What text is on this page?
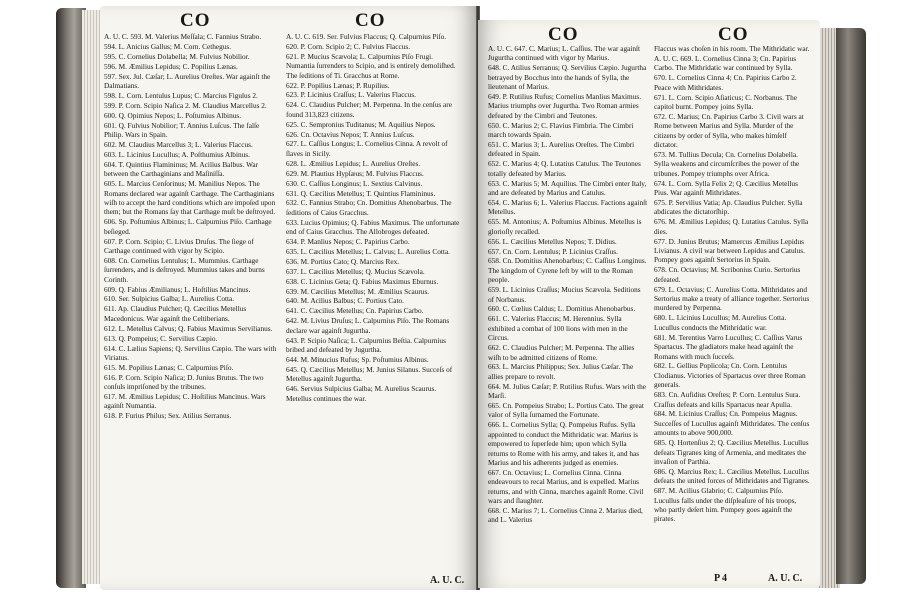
CO	CO

A. U. C. 593. M. Valerius Meſſala; C. Fannius Strabo.

594. L. Anicius Gallus; M. Corn. Cethegus.

595. C. Cornelius Dolabella; M. Fulvius Nobilior.

596. M. Æmilius Lepidus; C. Popilius Lænas.

597. Sex. Jul. Cæſar; L. Aurelius Oreſtes. War againſt the Dalmatians.

598. L. Corn. Lentulus Lupus; C. Marcius Figulus 2.

599. P. Corn. Scipio Naſica 2. M. Claudius Marcellus 2.

600. Q. Opimius Nepos; L. Poſtumius Albinus.

601. Q. Fulvius Nobilior; T. Annius Luſcus. The falſe Philip. Wars in Spain.

602. M. Claudius Marcellus 3; L. Valerius Flaccus.

603. L. Licinius Lucullus; A. Poſthumius Albinus.

604. T. Quintius Flamininus; M. Acilius Balbus. War between the Carthaginians and Maſiniſſa.

605. L. Marcius Cenſorinus; M. Manilius Nepos. The Romans declared war againſt Carthage. The Carthaginians wiſh to accept the hard conditions which are impoſed upon them; but the Romans ſay that Carthage muſt be deſtroyed.

606. Sp. Poſtumius Albinus; L. Calpurnius Piſo. Carthage beſieged.

607. P. Corn. Scipio; C. Livius Druſus. The ſiege of Carthage continued with vigor by Scipio.

608. Cn. Cornelius Lentulus; L. Mummius. Carthage ſurrenders, and is deſtroyed. Mummius takes and burns Corinth.

609. Q. Fabius Æmilianus; L. Hoſtilius Mancinus.

610. Ser. Sulpicius Galba; L. Aurelius Cotta.

611. Ap. Claudius Pulcher; Q. Cæcilius Metellus Macedonicus. War againſt the Celtiberians.

612. L. Metellus Calvus; Q. Fabius Maximus Servilianus.

613. Q. Pompeius; C. Servilius Cæpio.

614. C. Lælius Sapiens; Q. Servilius Cæpio. The wars with Viriatus.

615. M. Popilius Lænas; C. Calpurnius Piſo.

616. P. Corn. Scipio Naſica; D. Junius Brutus. The two conſuls impriſoned by the tribunes.

617. M. Æmilius Lepidus; C. Hoſtilius Mancinus. Wars againſt Numantia.

618. P. Furius Philus; Sex. Atilius Serranus.

A. U. C. 619. Ser. Fulvius Flaccus; Q. Calpurnius Piſo.

620. P. Corn. Scipio 2; C. Fulvius Flaccus.

621. P. Mucius Scævola; L. Calpurnius Piſo Frugi. Numantia ſurrenders to Scipio, and is entirely demoliſhed. The ſeditions of Ti. Gracchus at Rome.

622. P. Popilius Lænas; P. Rupilius.

623. P. Licinius Craſſus; L. Valerius Flaccus.

624. C. Claudius Pulcher; M. Perpenna. In the cenſus are found 313,823 citizens.

625. C. Sempronius Tuditanus; M. Aquilius Nepos.

626. Cn. Octavius Nepos; T. Annius Luſcus.

627. L. Caſſius Longus; L. Cornelius Cinna. A revolt of ſlaves in Sicily.

628. L. Æmilius Lepidus; L. Aurelius Oreſtes.

629. M. Plautius Hypſæus; M. Fulvius Flaccus.

630. C. Caſſius Longinus; L. Sextius Calvinus.

631. Q. Cæcilius Metellus; T. Quintius Flamininus.

632. C. Fannius Strabo; Cn. Domitius Ahenobarbus. The ſeditions of Caius Gracchus.

633. Lucius Opimius; Q. Fabius Maximus. The unfortunate end of Caius Gracchus. The Allobroges defeated.

634. P. Manlius Nepos; C. Papirius Carbo.

635. L. Cæcilius Metellus; L. Calvus; L. Aurelius Cotta.

636. M. Portius Cato; Q. Marcius Rex.

637. L. Cæcilius Metellus; Q. Mucius Scævola.

638. C. Licinius Geta; Q. Fabius Maximus Eburnus.

639. M. Cæcilius Metellus; M. Æmilius Scaurus.

640. M. Acilius Balbus; C. Portius Cato.

641. C. Cæcilius Metellus; Cn. Papirius Carbo.

642. M. Livius Druſus; L. Calpurnius Piſo. The Romans declare war againſt Jugurtha.

643. P. Scipio Naſica; L. Calpurnius Beſtia. Calpurnius bribed and defeated by Jugurtha.

644. M. Minucius Rufus; Sp. Poſtumius Albinus.

645. Q. Cæcilius Metellus; M. Junius Silanus. Succeſs of Metellus againſt Jugurtha.

646. Servius Sulpicius Galba; M. Aurelius Scaurus. Metellus continues the war.

A. U. C.
CO	CO

A. U. C. 647. C. Marius; L. Caſſius. The war againſt Jugurtha continued with vigor by Marius.

648. C. Atilius Serranus; Q. Servilius Cæpio. Jugurtha betrayed by Bocchus into the hands of Sylla, the lieutenant of Marius.

649. P. Rutilius Rufus; Cornelius Manlius Maximus. Marius triumphs over Jugurtha. Two Roman armies defeated by the Cimbri and Teutones.

650. C. Marius 2; C. Flavius Fimbria. The Cimbri march towards Spain.

651. C. Marius 3; L. Aurelius Oreſtes. The Cimbri defeated in Spain.

652. C. Marius 4; Q. Lutatius Catulus. The Teutones totally defeated by Marius.

653. C. Marius 5; M. Aquilius. The Cimbri enter Italy, and are defeated by Marius and Catulus.

654. C. Marius 6; L. Valerius Flaccus. Factions againſt Metellus.

655. M. Antonius; A. Poſtumius Albinus. Metellus is glorioſly recalled.

656. L. Cæcilius Metellus Nepos; T. Didius.

657. Cn. Corn. Lentulus; P. Licinius Craſſus.

658. Cn. Domitius Ahenobarbus; C. Caſſius Longinus. The kingdom of Cyrene left by will to the Roman people.

659. L. Licinius Craſſus; Mucius Scævola. Seditions of Norbanus.

660. C. Cœlius Caldus; L. Domitius Ahenobarbus.

661. C. Valerius Flaccus; M. Herennius. Sylla exhibited a combat of 100 lions with men in the Circus.

662. C. Claudius Pulcher; M. Perpenna. The allies wiſh to be admitted citizens of Rome.

663. L. Marcius Philippus; Sex. Julius Cæſar. The allies prepare to revolt.

664. M. Julius Cæſar; P. Rutilius Rufus. Wars with the Marſi.

665. Cn. Pompeius Strabo; L. Portius Cato. The great valor of Sylla ſurnamed the Fortunate.

666. L. Cornelius Sylla; Q. Pompeius Rufus. Sylla appointed to conduct the Mithridatic war. Marius is empowered to ſuperſede him; upon which Sylla returns to Rome with his army, and takes it, and has Marius and his adherents judged as enemies.

667. Cn. Octavius; L. Cornelius Cinna. Cinna endeavours to recal Marius, and is expelled. Marius returns, and with Cinna, marches againſt Rome. Civil wars and ſlaughter.

668. C. Marius 7; L. Cornelius Cinna 2. Marius died, and L. Valerius

Flaccus was choſen in his room. The Mithridatic war.

A. U. C. 669. L. Cornelius Cinna 3; Cn. Papirius Carbo. The Mithridatic war continued by Sylla.

670. L. Cornelius Cinna 4; Cn. Papirius Carbo 2. Peace with Mithridates.

671. L. Corn. Scipio Aſiaticus; C. Norbanus. The capitol burnt. Pompey joins Sylla.

672. C. Marius; Cn. Papirius Carbo 3. Civil wars at Rome between Marius and Sylla. Murder of the citizens by order of Sylla, who makes himſelf dictator.

673. M. Tullius Decula; Cn. Cornelius Dolabella. Sylla weakens and circumſcribes the power of the tribunes. Pompey triumphs over Africa.

674. L. Corn. Sylla Felix 2; Q. Cæcilius Metellus Pius. War againſt Mithridates.

675. P. Servilius Vatia; Ap. Claudius Pulcher. Sylla abdicates the dictatorſhip.

676. M. Æmilius Lepidus; Q. Lutatius Catulus. Sylla dies.

677. D. Junius Brutus; Mamercus Æmilius Lepidus Livianus. A civil war between Lepidus and Catulus. Pompey goes againſt Sertorius in Spain.

678. Cn. Octavius; M. Scribonius Curio. Sertorius defeated.

679. L. Octavius; C. Aurelius Cotta. Mithridates and Sertorius make a treaty of alliance together. Sertorius murdered by Perpenna.

680. L. Licinius Lucullus; M. Aurelius Cotta. Lucullus conducts the Mithridatic war.

681. M. Terentius Varro Lucullus; C. Caſſius Varus Spartacus. The gladiators make head againſt the Romans with much ſucceſs.

682. L. Gellius Poplicola; Cn. Corn. Lentulus Clodianus. Victories of Spartacus over three Roman generals.

683. Cn. Aufidius Oreſtes; P. Corn. Lentulus Sura. Craſſus defeats and kills Spartacus near Apulia.

684. M. Licinius Craſſus; Cn. Pompeius Magnus. Succeſſes of Lucullus againſt Mithridates. The cenſus amounts to above 900,000.

685. Q. Hortenſius 2; Q. Cæcilius Metellus. Lucullus defeats Tigranes king of Armenia, and meditates the invaſion of Parthia.

686. Q. Marcius Rex; L. Cæcilius Metellus. Lucullus defeats the united forces of Mithridates and Tigranes.

687. M. Acilius Glabrio; C. Calpurnius Piſo. Lucullus falls under the diſpleaſure of his troops, who partly deſert him. Pompey goes againſt the pirates.

P 4	A. U. C.
